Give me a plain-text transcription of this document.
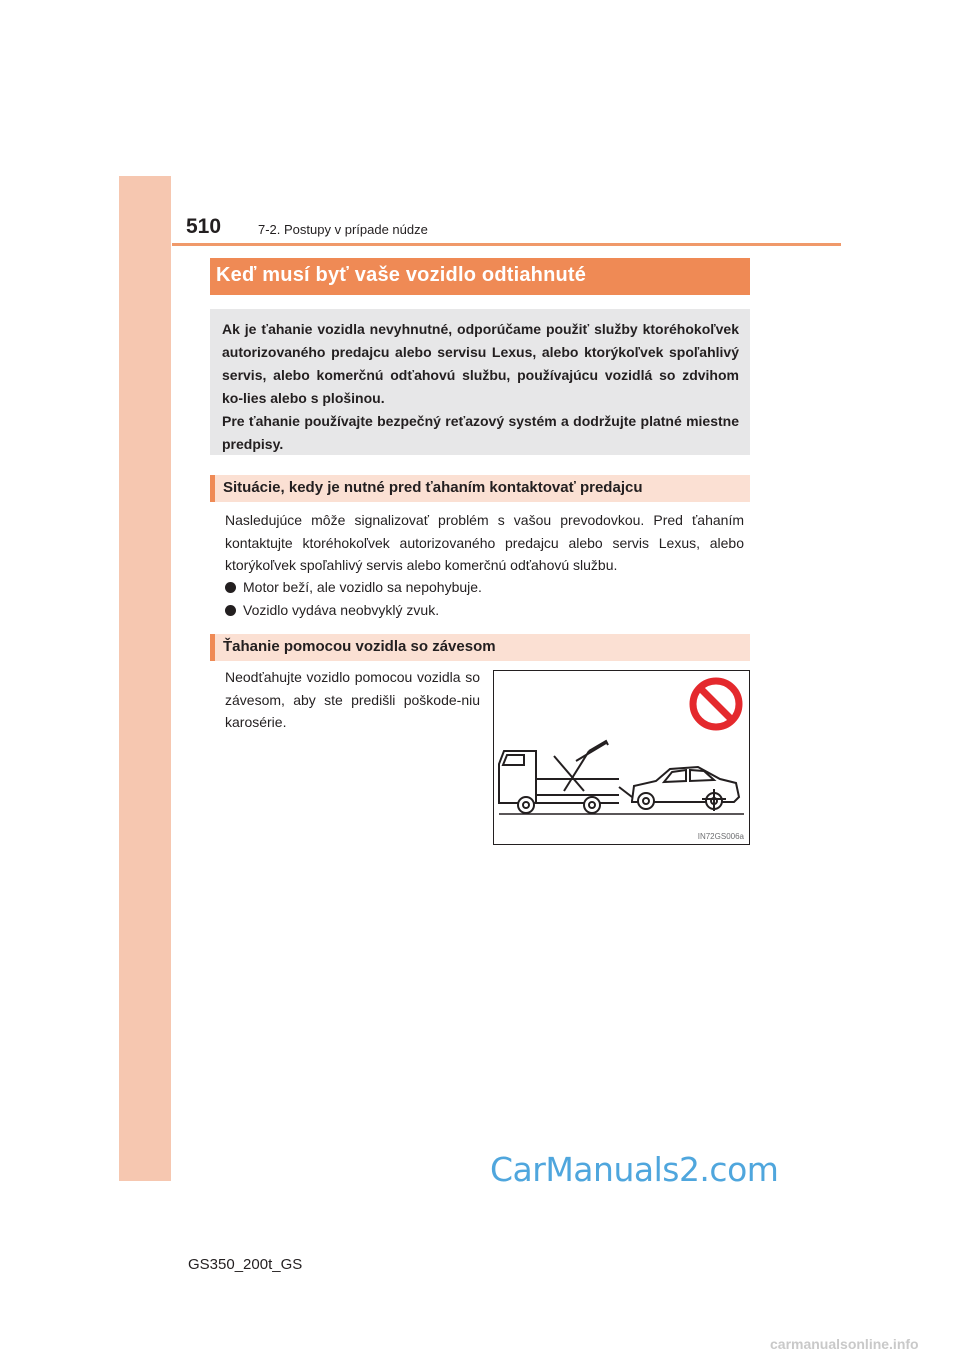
510	7-2. Postupy v prípade núdze
Keď musí byť vaše vozidlo odtiahnuté

Ak je ťahanie vozidla nevyhnutné, odporúčame použiť služby ktoréhokoľvek autorizovaného predajcu alebo servisu Lexus, alebo ktorýkoľvek spoľahlivý servis, alebo komerčnú odťahovú službu, používajúcu vozidlá so zdvihom ko-lies alebo s plošinou.

Pre ťahanie používajte bezpečný reťazový systém a dodržujte platné miestne predpisy.

Situácie, kedy je nutné pred ťahaním kontaktovať predajcu

Nasledujúce môže signalizovať problém s vašou prevodovkou. Pred ťahaním kontaktujte ktoréhokoľvek autorizovaného predajcu alebo servis Lexus, alebo ktorýkoľvek spoľahlivý servis alebo komerčnú odťahovú službu.

Motor beží, ale vozidlo sa nepohybuje.
Vozidlo vydáva neobvyklý zvuk.
Ťahanie pomocou vozidla so závesom

Neodťahujte vozidlo pomocou vozidla so závesom, aby ste predišli poškode-niu karosérie.

IN72GS006a
CarManuals2.com
GS350_200t_GS
carmanualsonline.info
